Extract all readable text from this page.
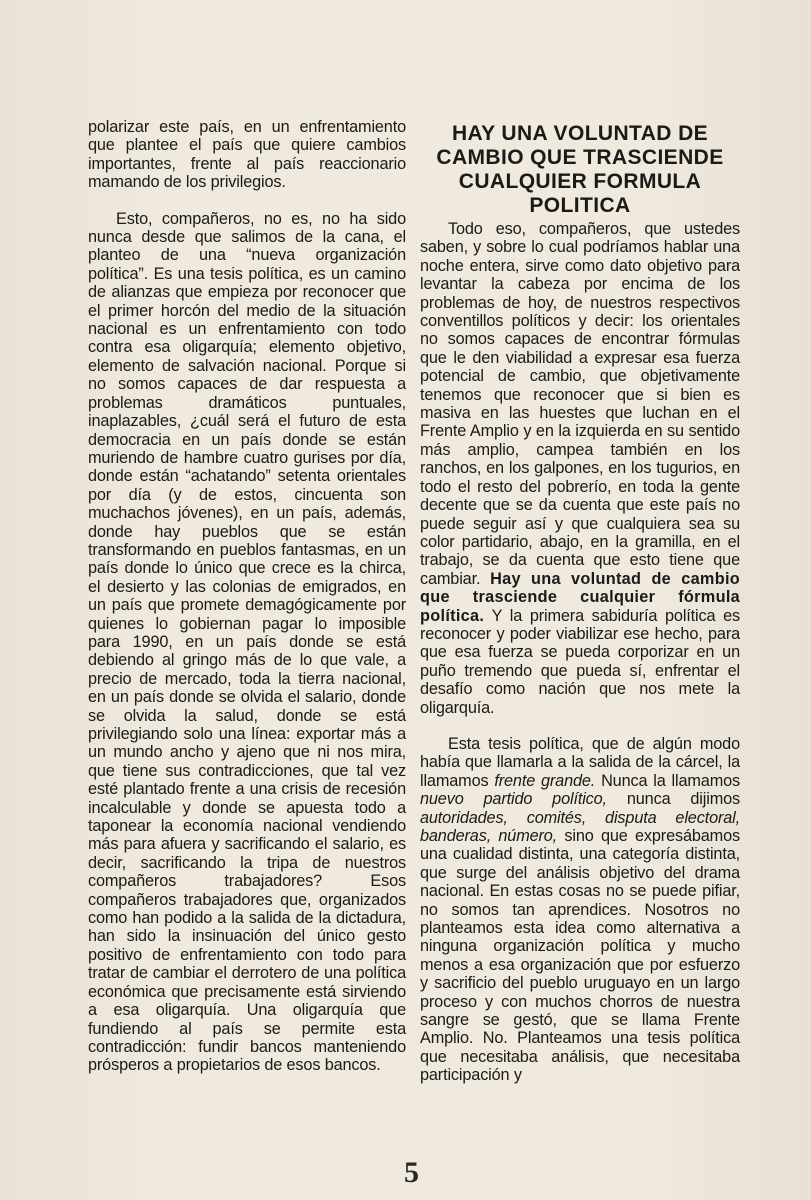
polarizar este país, en un enfrentamiento que plantee el país que quiere cambios importantes, frente al país reaccionario mamando de los privilegios.

Esto, compañeros, no es, no ha sido nunca desde que salimos de la cana, el planteo de una “nueva organización política”. Es una tesis política, es un camino de alianzas que empieza por reconocer que el primer horcón del medio de la situación nacional es un enfrentamiento con todo contra esa oligarquía; elemento objetivo, elemento de salvación nacional. Porque si no somos capaces de dar respuesta a problemas dramáticos puntuales, inaplazables, ¿cuál será el futuro de esta democracia en un país donde se están muriendo de hambre cuatro gurises por día, donde están “achatando” setenta orientales por día (y de estos, cincuenta son muchachos jóvenes), en un país, además, donde hay pueblos que se están transformando en pueblos fantasmas, en un país donde lo único que crece es la chirca, el desierto y las colonias de emigrados, en un país que promete demagógicamente por quienes lo gobiernan pagar lo imposible para 1990, en un país donde se está debiendo al gringo más de lo que vale, a precio de mercado, toda la tierra nacional, en un país donde se olvida el salario, donde se olvida la salud, donde se está privilegiando solo una línea: exportar más a un mundo ancho y ajeno que ni nos mira, que tiene sus contradicciones, que tal vez esté plantado frente a una crisis de recesión incalculable y donde se apuesta todo a taponear la economía nacional vendiendo más para afuera y sacrificando el salario, es decir, sacrificando la tripa de nuestros compañeros trabajadores? Esos compañeros trabajadores que, organizados como han podido a la salida de la dictadura, han sido la insinuación del único gesto positivo de enfrentamiento con todo para tratar de cambiar el derrotero de una política económica que precisamente está sirviendo a esa oligarquía. Una oligarquía que fundiendo al país se permite esta contradicción: fundir bancos manteniendo prósperos a propietarios de esos bancos.

HAY UNA VOLUNTAD DE
CAMBIO QUE TRASCIENDE
CUALQUIER FORMULA
POLITICA

Todo eso, compañeros, que ustedes saben, y sobre lo cual podríamos hablar una noche entera, sirve como dato objetivo para levantar la cabeza por encima de los problemas de hoy, de nuestros respectivos conventillos políticos y decir: los orientales no somos capaces de encontrar fórmulas que le den viabilidad a expresar esa fuerza potencial de cambio, que objetivamente tenemos que reconocer que si bien es masiva en las huestes que luchan en el Frente Amplio y en la izquierda en su sentido más amplio, campea también en los ranchos, en los galpones, en los tugurios, en todo el resto del pobrerío, en toda la gente decente que se da cuenta que este país no puede seguir así y que cualquiera sea su color partidario, abajo, en la gramilla, en el trabajo, se da cuenta que esto tiene que cambiar. Hay una voluntad de cambio que trasciende cualquier fórmula política. Y la primera sabiduría política es reconocer y poder viabilizar ese hecho, para que esa fuerza se pueda corporizar en un puño tremendo que pueda sí, enfrentar el desafío como nación que nos mete la oligarquía.

Esta tesis política, que de algún modo había que llamarla a la salida de la cárcel, la llamamos frente grande. Nunca la llamamos nuevo partido político, nunca dijimos autoridades, comités, disputa electoral, banderas, número, sino que expresábamos una cualidad distinta, una categoría distinta, que surge del análisis objetivo del drama nacional. En estas cosas no se puede pifiar, no somos tan aprendices. Nosotros no planteamos esta idea como alternativa a ninguna organización política y mucho menos a esa organización que por esfuerzo y sacrificio del pueblo uruguayo en un largo proceso y con muchos chorros de nuestra sangre se gestó, que se llama Frente Amplio. No. Planteamos una tesis política que necesitaba análisis, que necesitaba participación y

5
